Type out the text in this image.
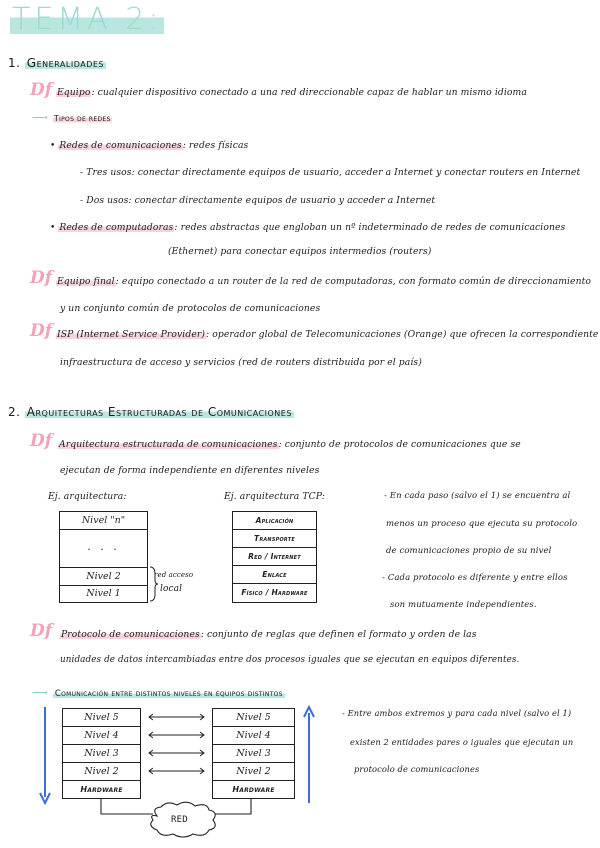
TEMA 2:
1. Generalidades
Df Equipo: cualquier dispositivo conectado a una red direccionable capaz de hablar un mismo idioma
⟶ Tipos de redes
• Redes de comunicaciones: redes físicas
- Tres usos: conectar directamente equipos de usuario, acceder a Internet y conectar routers en Internet
- Dos usos: conectar directamente equipos de usuario y acceder a Internet
• Redes de computadoras: redes abstractas que engloban un nº indeterminado de redes de comunicaciones
(Ethernet) para conectar equipos intermedios (routers)
Df Equipo final: equipo conectado a un router de la red de computadoras, con formato común de direccionamiento
y un conjunto común de protocolos de comunicaciones
Df ISP (Internet Service Provider): operador global de Telecomunicaciones (Orange) que ofrecen la correspondiente
infraestructura de acceso y servicios (red de routers distribuida por el país)
2. Arquitecturas Estructuradas de Comunicaciones
Df Arquitectura estructurada de comunicaciones: conjunto de protocolos de comunicaciones que se
ejecutan de forma independiente en diferentes niveles
Ej. arquitectura:	Ej. arquitectura TCP:
Nivel "n"
. . .
Nivel 2
Nivel 1
red acceso
local
Aplicación
Transporte
Red / Internet
Enlace
Físico / Hardware
- En cada paso (salvo el 1) se encuentra al
menos un proceso que ejecuta su protocolo
de comunicaciones propio de su nivel
- Cada protocolo es diferente y entre ellos
son mutuamente independientes.
Df Protocolo de comunicaciones: conjunto de reglas que definen el formato y orden de las
unidades de datos intercambiadas entre dos procesos iguales que se ejecutan en equipos diferentes.
⟶ Comunicación entre distintos niveles en equipos distintos
Nivel 5
Nivel 4
Nivel 3
Nivel 2
Hardware
Nivel 5
Nivel 4
Nivel 3
Nivel 2
Hardware
RED
- Entre ambos extremos y para cada nivel (salvo el 1)
existen 2 entidades pares o iguales que ejecutan un
protocolo de comunicaciones
